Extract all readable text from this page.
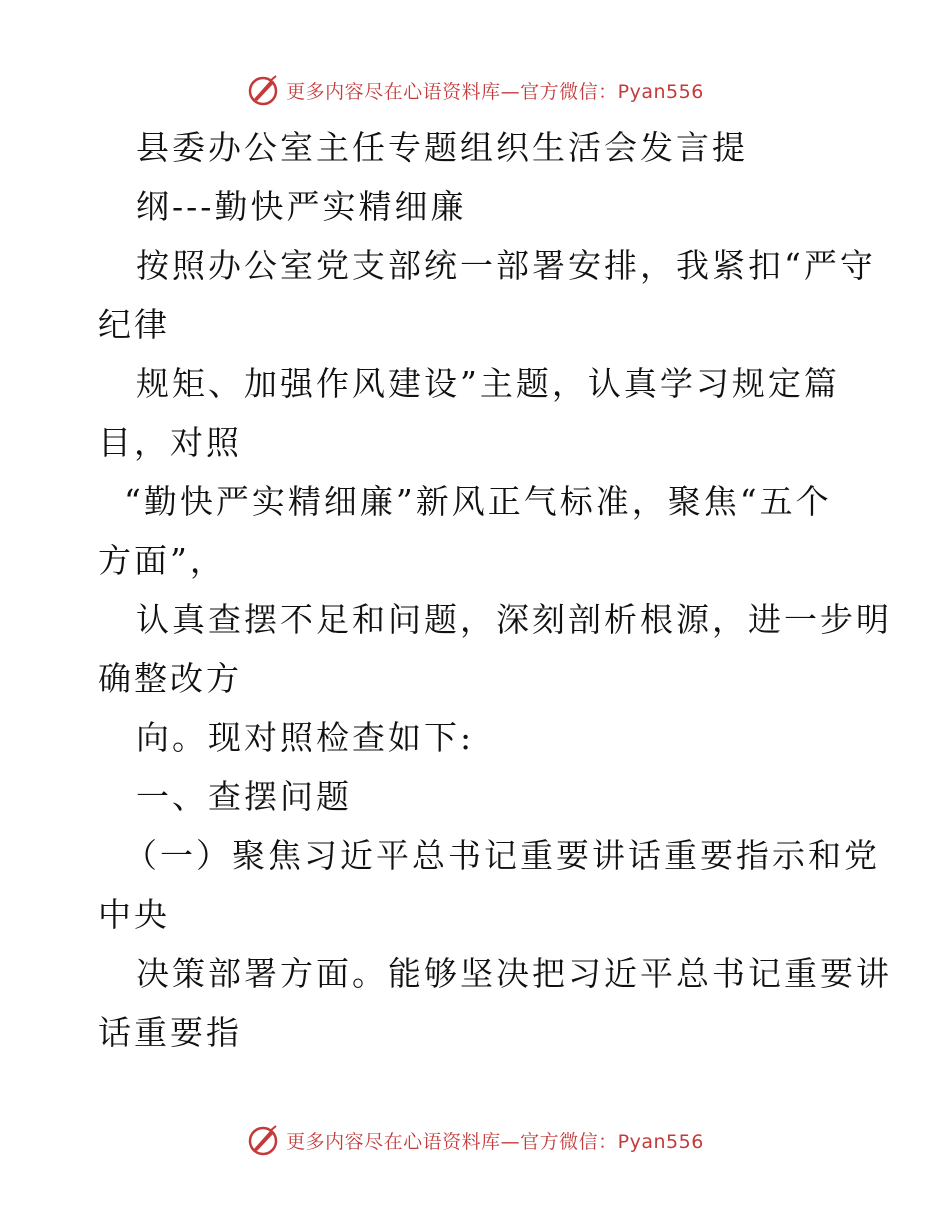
更多内容尽在心语资料库—官方微信：Pyan556
县委办公室主任专题组织生活会发言提
纲---勤快严实精细廉
按照办公室党支部统一部署安排，我紧扣“严守
纪律
规矩、加强作风建设”主题，认真学习规定篇
目，对照
“勤快严实精细廉”新风正气标准，聚焦“五个
方面”，
认真查摆不足和问题，深刻剖析根源，进一步明
确整改方
向。现对照检查如下:
一、查摆问题
（一）聚焦习近平总书记重要讲话重要指示和党
中央
决策部署方面。能够坚决把习近平总书记重要讲
话重要指
更多内容尽在心语资料库—官方微信：Pyan556
